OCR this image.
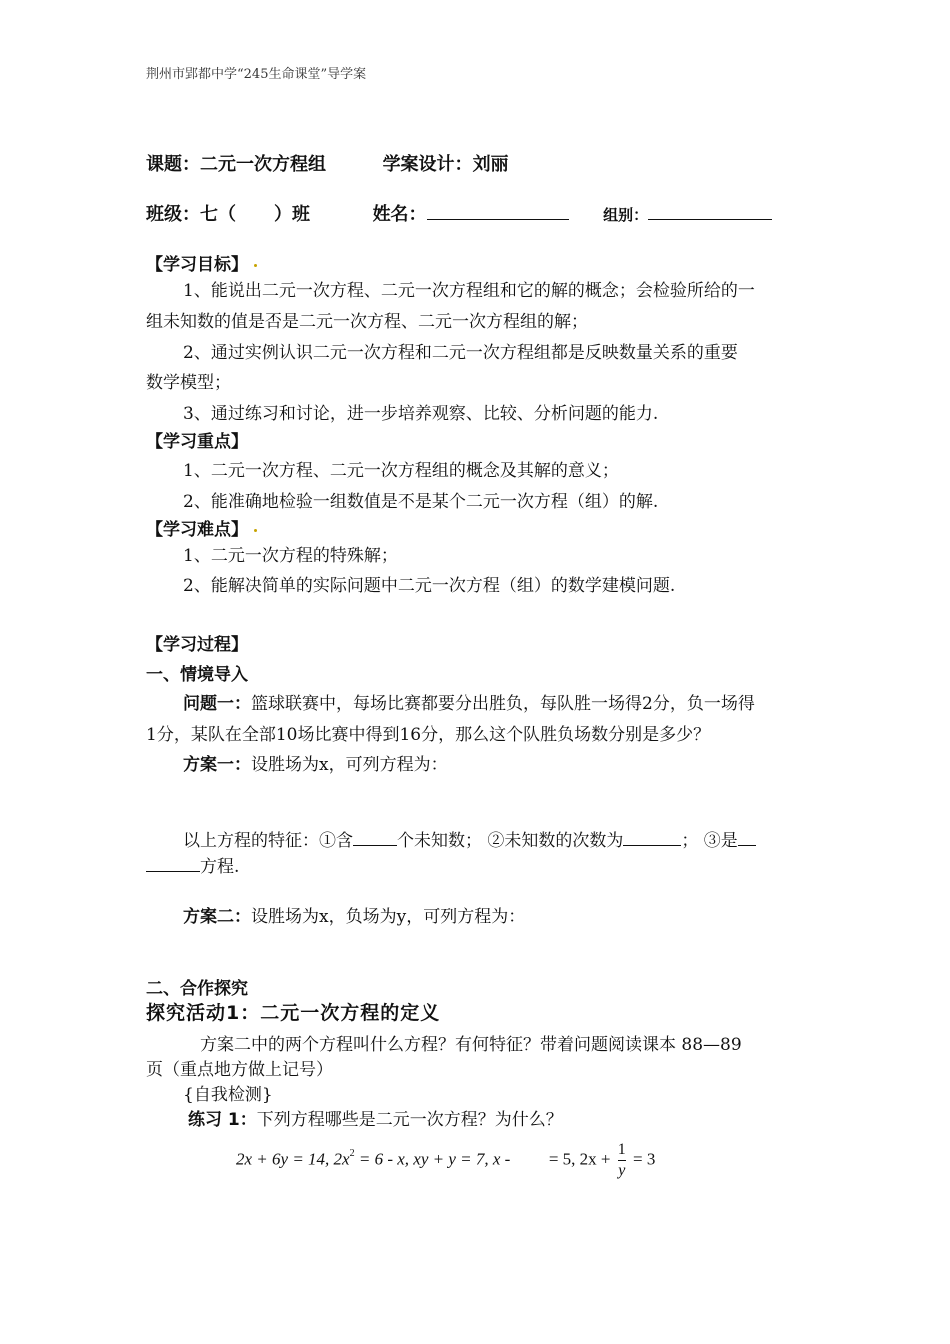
荆州市郢都中学“245生命课堂”导学案
课题：二元一次方程组	学案设计：刘丽
班级：七（ ）班	姓名：	组别：
【学习目标】
1、能说出二元一次方程、二元一次方程组和它的解的概念；会检验所给的一
组未知数的值是否是二元一次方程、二元一次方程组的解；
2、通过实例认识二元一次方程和二元一次方程组都是反映数量关系的重要
数学模型；
3、通过练习和讨论，进一步培养观察、比较、分析问题的能力.
【学习重点】
1、二元一次方程、二元一次方程组的概念及其解的意义；
2、能准确地检验一组数值是不是某个二元一次方程（组）的解.
【学习难点】
1、二元一次方程的特殊解；
2、能解决简单的实际问题中二元一次方程（组）的数学建模问题.
【学习过程】
一、情境导入
问题一：篮球联赛中，每场比赛都要分出胜负，每队胜一场得2分，负一场得
1分，某队在全部10场比赛中得到16分，那么这个队胜负场数分别是多少？
方案一：设胜场为x，可列方程为：
以上方程的特征：①含	个未知数； ②未知数的次数为	； ③是
方程.
方案二：设胜场为x，负场为y，可列方程为：
二、合作探究
探究活动1：二元一次方程的定义
方案二中的两个方程叫什么方程？有何特征？带着问题阅读课本 88—89
页（重点地方做上记号）
{自我检测}
练习 1：下列方程哪些是二元一次方程？为什么？
2x + 6y = 14, $2x^2 = 6 - x$, xy + y = 7, x - = 5, $2x + \frac{1}{y} = 3$
